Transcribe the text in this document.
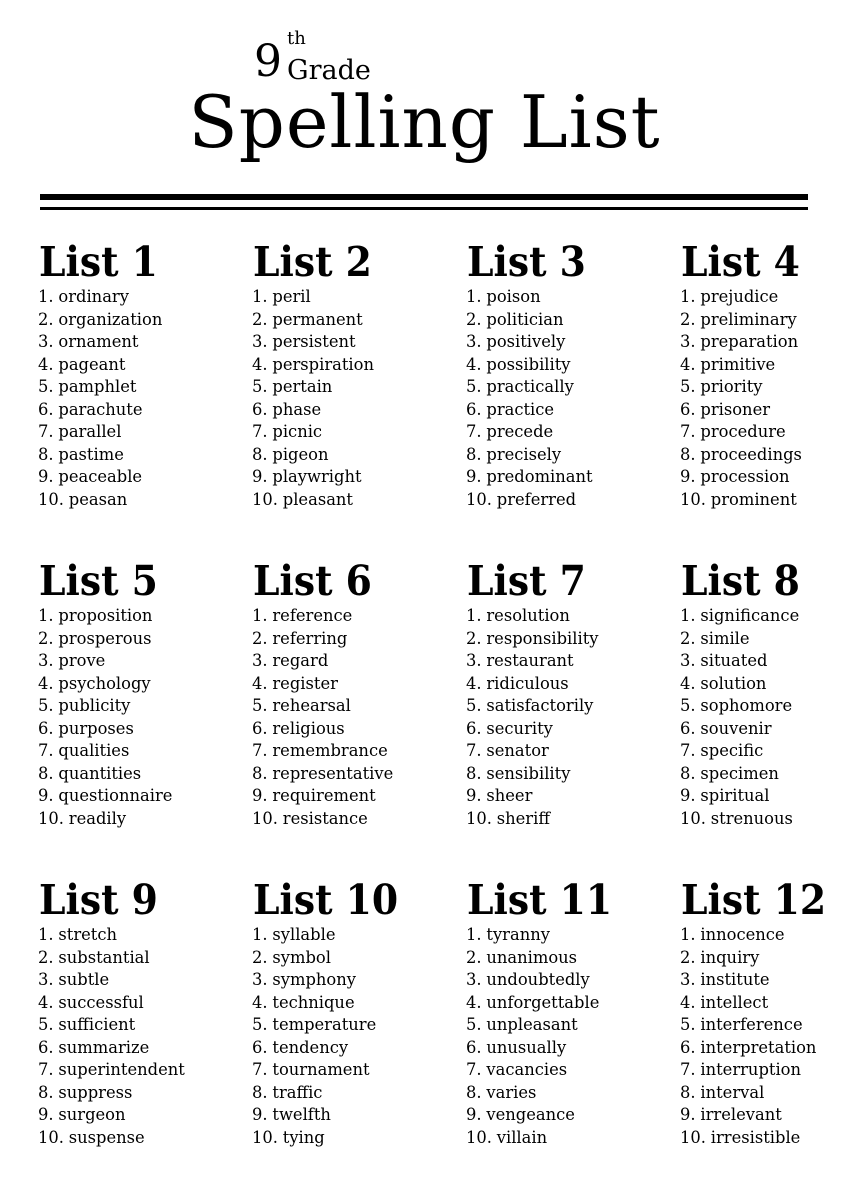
9 th
Grade
Spelling List
List 1
1. ordinary
2. organization
3. ornament
4. pageant
5. pamphlet
6. parachute
7. parallel
8. pastime
9. peaceable
10. peasan
List 2
1. peril
2. permanent
3. persistent
4. perspiration
5. pertain
6. phase
7. picnic
8. pigeon
9. playwright
10. pleasant
List 3
1. poison
2. politician
3. positively
4. possibility
5. practically
6. practice
7. precede
8. precisely
9. predominant
10. preferred
List 4
1. prejudice
2. preliminary
3. preparation
4. primitive
5. priority
6. prisoner
7. procedure
8. proceedings
9. procession
10. prominent
List 5
1. proposition
2. prosperous
3. prove
4. psychology
5. publicity
6. purposes
7. qualities
8. quantities
9. questionnaire
10. readily
List 6
1. reference
2. referring
3. regard
4. register
5. rehearsal
6. religious
7. remembrance
8. representative
9. requirement
10. resistance
List 7
1. resolution
2. responsibility
3. restaurant
4. ridiculous
5. satisfactorily
6. security
7. senator
8. sensibility
9. sheer
10. sheriff
List 8
1. significance
2. simile
3. situated
4. solution
5. sophomore
6. souvenir
7. specific
8. specimen
9. spiritual
10. strenuous
List 9
1. stretch
2. substantial
3. subtle
4. successful
5. sufficient
6. summarize
7. superintendent
8. suppress
9. surgeon
10. suspense
List 10
1. syllable
2. symbol
3. symphony
4. technique
5. temperature
6. tendency
7. tournament
8. traffic
9. twelfth
10. tying
List 11
1. tyranny
2. unanimous
3. undoubtedly
4. unforgettable
5. unpleasant
6. unusually
7. vacancies
8. varies
9. vengeance
10. villain
List 12
1. innocence
2. inquiry
3. institute
4. intellect
5. interference
6. interpretation
7. interruption
8. interval
9. irrelevant
10. irresistible
